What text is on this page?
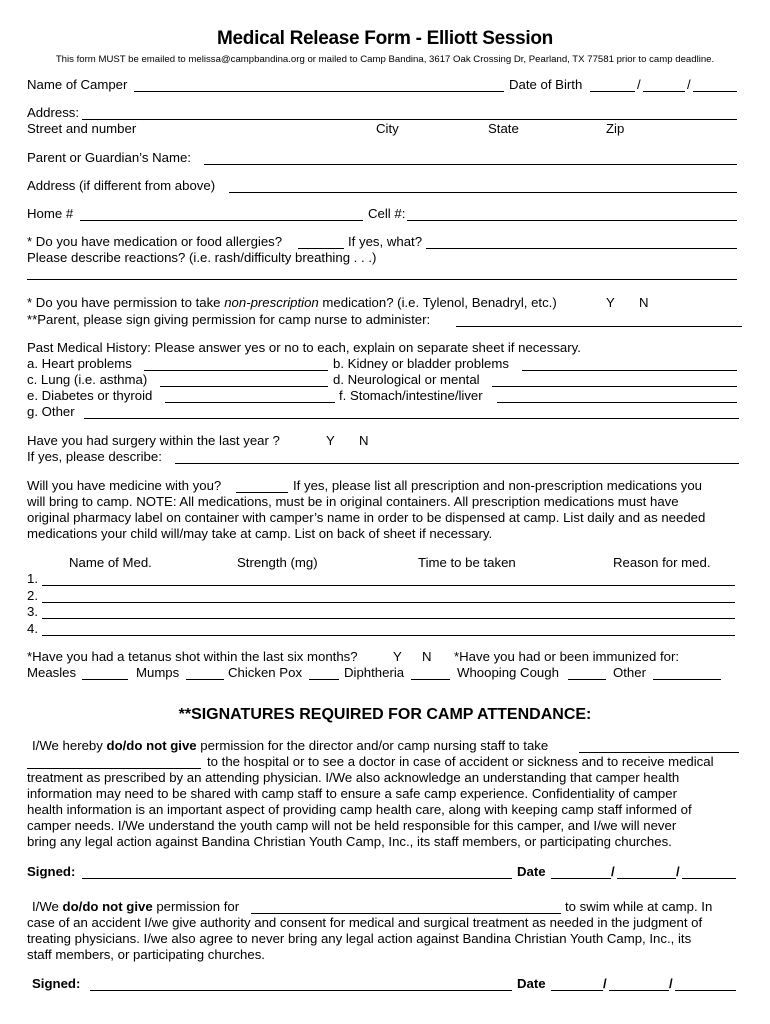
Medical Release Form - Elliott Session
This form MUST be emailed to melissa@campbandina.org or mailed to Camp Bandina, 3617 Oak Crossing Dr, Pearland, TX 77581 prior to camp deadline.
Name of Camper	Date of Birth	/	/
Address:
Street and number	City	State	Zip
Parent or Guardian’s Name:
Address (if different from above)
Home #	Cell #:
* Do you have medication or food allergies?	If yes, what?
Please describe reactions? (i.e. rash/difficulty breathing . . .)
* Do you have permission to take non-prescription medication? (i.e. Tylenol, Benadryl, etc.)	Y N
**Parent, please sign giving permission for camp nurse to administer:
Past Medical History: Please answer yes or no to each, explain on separate sheet if necessary.
a. Heart problems	b. Kidney or bladder problems
c. Lung (i.e. asthma)	d. Neurological or mental
e. Diabetes or thyroid	f. Stomach/intestine/liver
g. Other
Have you had surgery within the last year ?	Y N
If yes, please describe:
Will you have medicine with you?	If yes, please list all prescription and non-prescription medications you
will bring to camp. NOTE: All medications, must be in original containers. All prescription medications must have
original pharmacy label on container with camper’s name in order to be dispensed at camp. List daily and as needed
medications your child will/may take at camp. List on back of sheet if necessary.
Name of Med.	Strength (mg)	Time to be taken	Reason for med.
1.
2.
3.
4.
*Have you had a tetanus shot within the last six months?	Y N *Have you had or been immunized for:
Measles	Mumps	Chicken Pox	Diphtheria	Whooping Cough	Other
**SIGNATURES REQUIRED FOR CAMP ATTENDANCE:
I/We hereby do/do not give permission for the director and/or camp nursing staff to take
to the hospital or to see a doctor in case of accident or sickness and to receive medical
treatment as prescribed by an attending physician. I/We also acknowledge an understanding that camper health
information may need to be shared with camp staff to ensure a safe camp experience. Confidentiality of camper
health information is an important aspect of providing camp health care, along with keeping camp staff informed of
camper needs. I/We understand the youth camp will not be held responsible for this camper, and I/we will never
bring any legal action against Bandina Christian Youth Camp, Inc., its staff members, or participating churches.
Signed:	Date	/	/
I/We do/do not give permission for	to swim while at camp. In
case of an accident I/we give authority and consent for medical and surgical treatment as needed in the judgment of
treating physicians. I/we also agree to never bring any legal action against Bandina Christian Youth Camp, Inc., its
staff members, or participating churches.
Signed:	Date	/	/
